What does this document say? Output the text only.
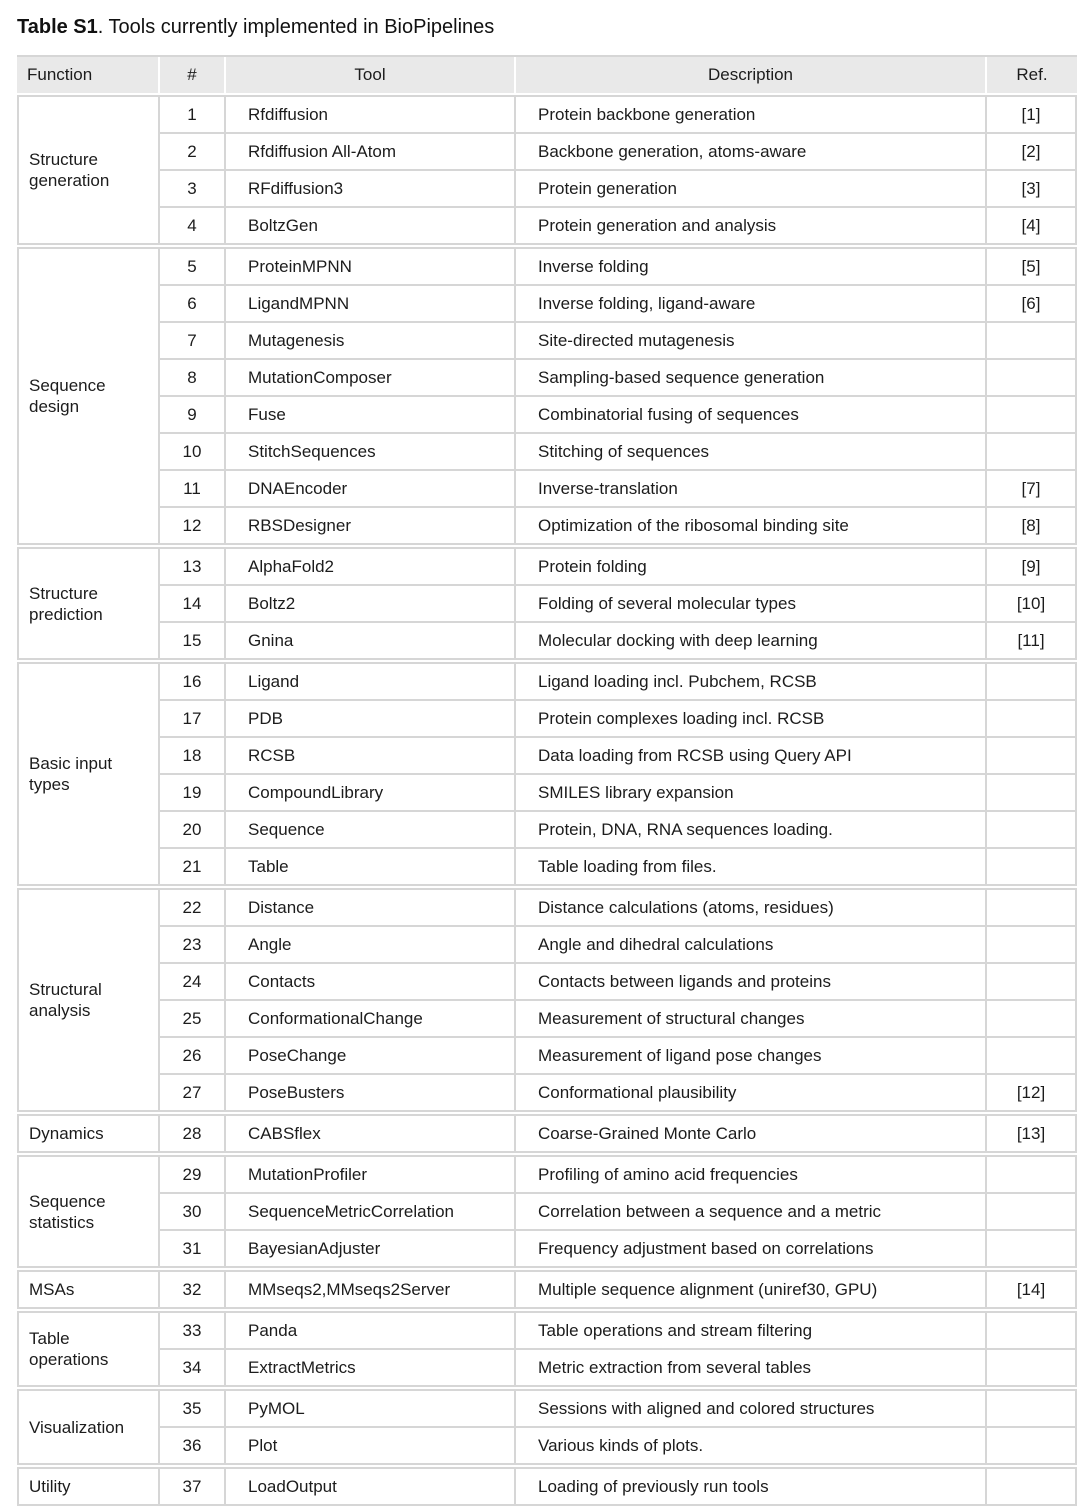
Table S1. Tools currently implemented in BioPipelines
Function	#	Tool	Description	Ref.
Structure generation
1	Rfdiffusion	Protein backbone generation	[1]
2	Rfdiffusion All-Atom	Backbone generation, atoms-aware	[2]
3	RFdiffusion3	Protein generation	[3]
4	BoltzGen	Protein generation and analysis	[4]
Sequence design
5	ProteinMPNN	Inverse folding	[5]
6	LigandMPNN	Inverse folding, ligand-aware	[6]
7	Mutagenesis	Site-directed mutagenesis
8	MutationComposer	Sampling-based sequence generation
9	Fuse	Combinatorial fusing of sequences
10	StitchSequences	Stitching of sequences
11	DNAEncoder	Inverse-translation	[7]
12	RBSDesigner	Optimization of the ribosomal binding site	[8]
Structure prediction
13	AlphaFold2	Protein folding	[9]
14	Boltz2	Folding of several molecular types	[10]
15	Gnina	Molecular docking with deep learning	[11]
Basic input types
16	Ligand	Ligand loading incl. Pubchem, RCSB
17	PDB	Protein complexes loading incl. RCSB
18	RCSB	Data loading from RCSB using Query API
19	CompoundLibrary	SMILES library expansion
20	Sequence	Protein, DNA, RNA sequences loading.
21	Table	Table loading from files.
Structural analysis
22	Distance	Distance calculations (atoms, residues)
23	Angle	Angle and dihedral calculations
24	Contacts	Contacts between ligands and proteins
25	ConformationalChange	Measurement of structural changes
26	PoseChange	Measurement of ligand pose changes
27	PoseBusters	Conformational plausibility	[12]
Dynamics	28	CABSflex	Coarse-Grained Monte Carlo	[13]
Sequence statistics
29	MutationProfiler	Profiling of amino acid frequencies
30	SequenceMetricCorrelation	Correlation between a sequence and a metric
31	BayesianAdjuster	Frequency adjustment based on correlations
MSAs	32	MMseqs2,MMseqs2Server	Multiple sequence alignment (uniref30, GPU)	[14]
Table operations
33	Panda	Table operations and stream filtering
34	ExtractMetrics	Metric extraction from several tables
Visualization
35	PyMOL	Sessions with aligned and colored structures
36	Plot	Various kinds of plots.
Utility	37	LoadOutput	Loading of previously run tools
